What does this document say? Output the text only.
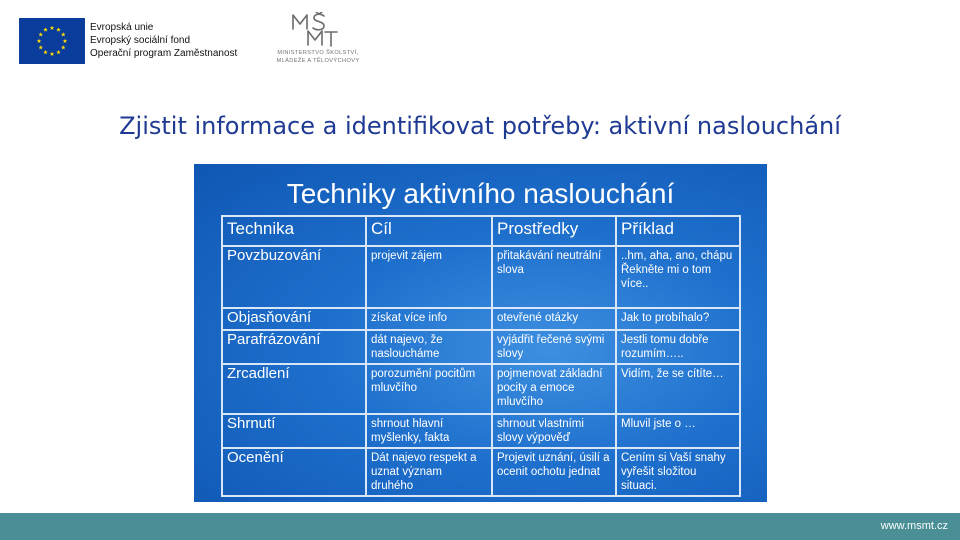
Evropská unie
Evropský sociální fond
Operační program Zaměstnanost	MINISTERSTVO ŠKOLSTVÍ,
MLÁDEŽE A TĚLOVÝCHOVY
Zjistit informace a identifikovat potřeby: aktivní naslouchání
Techniky aktivního naslouchání
Technika	Cíl	Prostředky	Příklad
Povzbuzování	projevit zájem	přitakávání neutrální slova	..hm, aha, ano, chápu Řekněte mi o tom více..
Objasňování	získat více info	otevřené otázky	Jak to probíhalo?
Parafrázování	dát najevo, že nasloucháme	vyjádřit řečené svými slovy	Jestli tomu dobře rozumím…..
Zrcadlení	porozumění pocitům mluvčího	pojmenovat základní pocity a emoce mluvčího	Vidím, že se cítíte…
Shrnutí	shrnout hlavní myšlenky, fakta	shrnout vlastními slovy výpověď	Mluvil jste o …
Ocenění	Dát najevo respekt a uznat význam druhého	Projevit uznání, úsilí a ocenit ochotu jednat	Cením si Vaší snahy vyřešit složitou situaci.
www.msmt.cz
